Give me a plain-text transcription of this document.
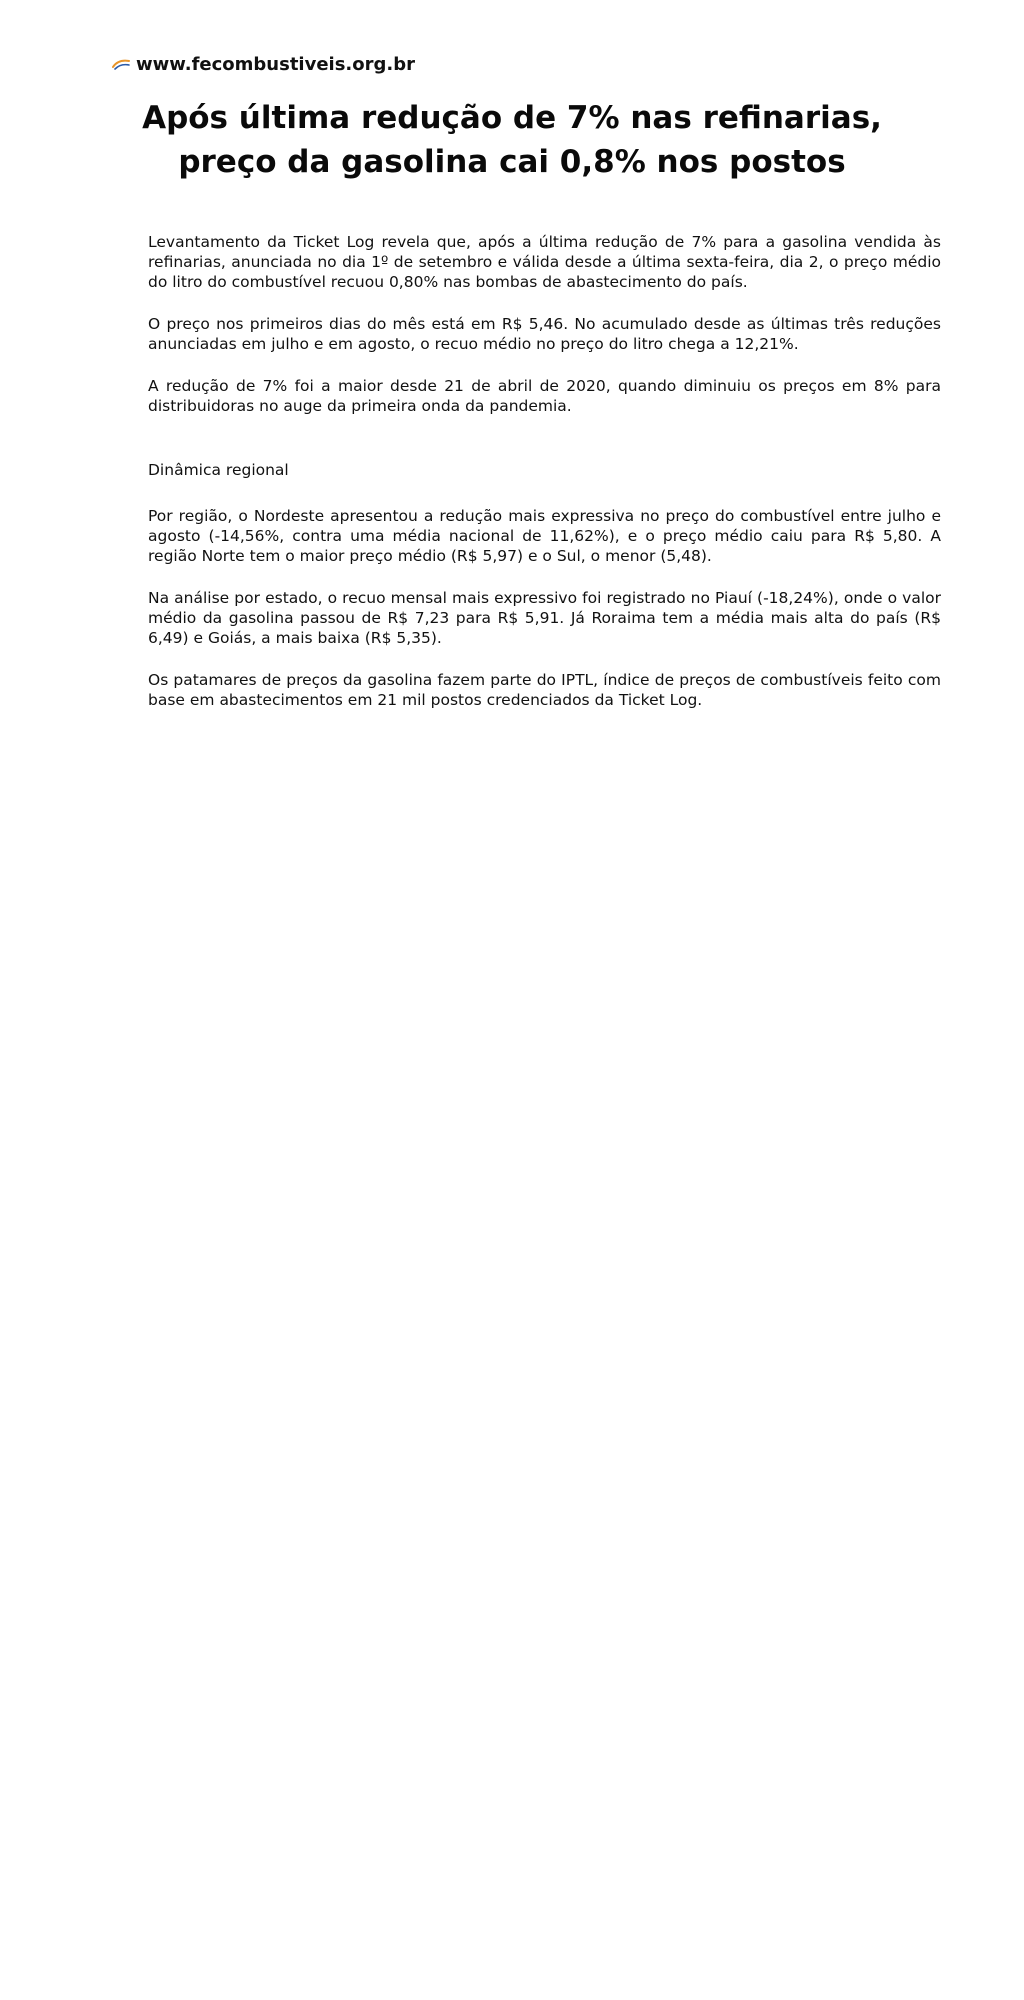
www.fecombustiveis.org.br
Após última redução de 7% nas refinarias, preço da gasolina cai 0,8% nos postos

Levantamento da Ticket Log revela que, após a última redução de 7% para a gasolina vendida às refinarias, anunciada no dia 1º de setembro e válida desde a última sexta-feira, dia 2, o preço médio do litro do combustível recuou 0,80% nas bombas de abastecimento do país.

O preço nos primeiros dias do mês está em R$ 5,46. No acumulado desde as últimas três reduções anunciadas em julho e em agosto, o recuo médio no preço do litro chega a 12,21%.

A redução de 7% foi a maior desde 21 de abril de 2020, quando diminuiu os preços em 8% para distribuidoras no auge da primeira onda da pandemia.

Dinâmica regional

Por região, o Nordeste apresentou a redução mais expressiva no preço do combustível entre julho e agosto (-14,56%, contra uma média nacional de 11,62%), e o preço médio caiu para R$ 5,80. A região Norte tem o maior preço médio (R$ 5,97) e o Sul, o menor (5,48).

Na análise por estado, o recuo mensal mais expressivo foi registrado no Piauí (-18,24%), onde o valor médio da gasolina passou de R$ 7,23 para R$ 5,91. Já Roraima tem a média mais alta do país (R$ 6,49) e Goiás, a mais baixa (R$ 5,35).

Os patamares de preços da gasolina fazem parte do IPTL, índice de preços de combustíveis feito com base em abastecimentos em 21 mil postos credenciados da Ticket Log.
